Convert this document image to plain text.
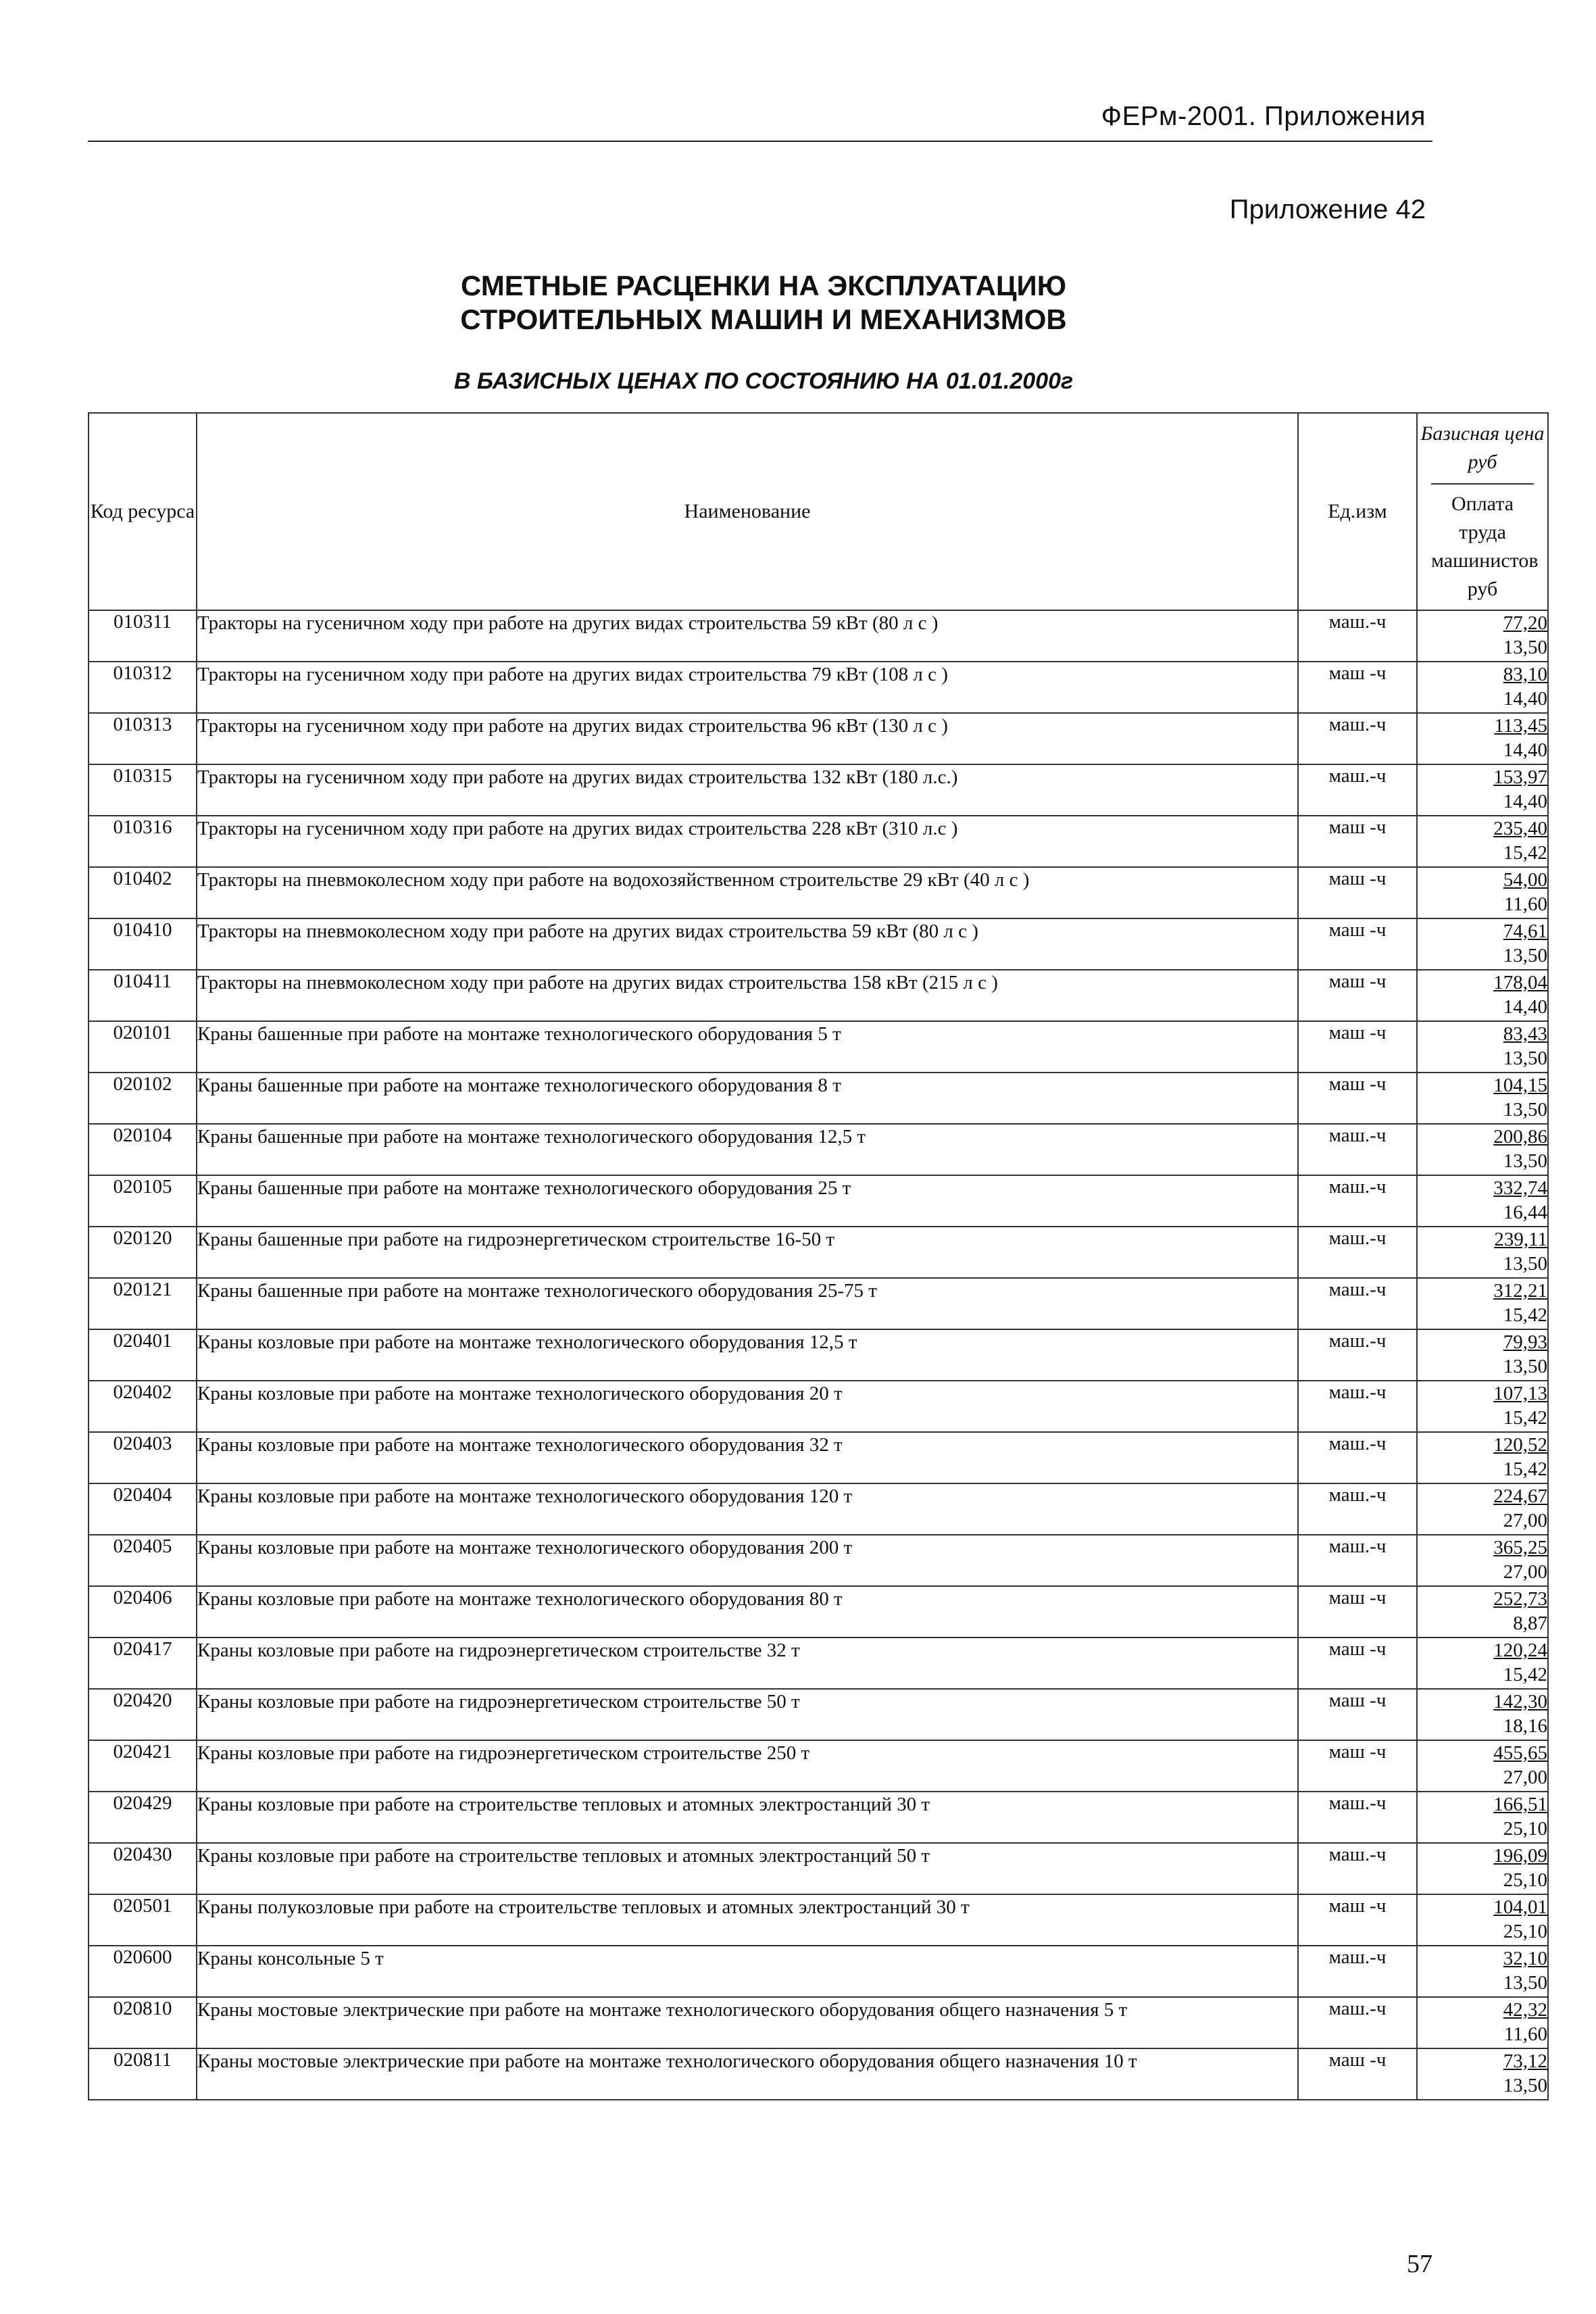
ФЕРм-2001. Приложения
Приложение 42
СМЕТНЫЕ РАСЦЕНКИ НА ЭКСПЛУАТАЦИЮ
СТРОИТЕЛЬНЫХ МАШИН И МЕХАНИЗМОВ
В БАЗИСНЫХ ЦЕНАХ ПО СОСТОЯНИЮ НА 01.01.2000г
Код ресурса	Наименование	Ед.изм	Базисная цена руб
Оплата труда машинистов руб

010311	Тракторы на гусеничном ходу при работе на других видах строительства 59 кВт (80 л с )	маш.-ч	77,20
13,50

010312	Тракторы на гусеничном ходу при работе на других видах строительства 79 кВт (108 л с )	маш -ч	83,10
14,40

010313	Тракторы на гусеничном ходу при работе на других видах строительства 96 кВт (130 л с )	маш.-ч	113,45
14,40

010315	Тракторы на гусеничном ходу при работе на других видах строительства 132 кВт (180 л.с.)	маш.-ч	153,97
14,40

010316	Тракторы на гусеничном ходу при работе на других видах строительства 228 кВт (310 л.с )	маш -ч	235,40
15,42

010402	Тракторы на пневмоколесном ходу при работе на водохозяйственном строительстве 29 кВт (40 л с )	маш -ч	54,00
11,60

010410	Тракторы на пневмоколесном ходу при работе на других видах строительства 59 кВт (80 л с )	маш -ч	74,61
13,50

010411	Тракторы на пневмоколесном ходу при работе на других видах строительства 158 кВт (215 л с )	маш -ч	178,04
14,40

020101	Краны башенные при работе на монтаже технологического оборудования 5 т	маш -ч	83,43
13,50

020102	Краны башенные при работе на монтаже технологического оборудования 8 т	маш -ч	104,15
13,50

020104	Краны башенные при работе на монтаже технологического оборудования 12,5 т	маш.-ч	200,86
13,50

020105	Краны башенные при работе на монтаже технологического оборудования 25 т	маш.-ч	332,74
16,44

020120	Краны башенные при работе на гидроэнергетическом строительстве 16-50 т	маш.-ч	239,11
13,50

020121	Краны башенные при работе на монтаже технологического оборудования 25-75 т	маш.-ч	312,21
15,42

020401	Краны козловые при работе на монтаже технологического оборудования 12,5 т	маш.-ч	79,93
13,50

020402	Краны козловые при работе на монтаже технологического оборудования 20 т	маш.-ч	107,13
15,42

020403	Краны козловые при работе на монтаже технологического оборудования 32 т	маш.-ч	120,52
15,42

020404	Краны козловые при работе на монтаже технологического оборудования 120 т	маш.-ч	224,67
27,00

020405	Краны козловые при работе на монтаже технологического оборудования 200 т	маш.-ч	365,25
27,00

020406	Краны козловые при работе на монтаже технологического оборудования 80 т	маш -ч	252,73
8,87

020417	Краны козловые при работе на гидроэнергетическом строительстве 32 т	маш -ч	120,24
15,42

020420	Краны козловые при работе на гидроэнергетическом строительстве 50 т	маш -ч	142,30
18,16

020421	Краны козловые при работе на гидроэнергетическом строительстве 250 т	маш -ч	455,65
27,00

020429	Краны козловые при работе на строительстве тепловых и атомных электростанций 30 т	маш.-ч	166,51
25,10

020430	Краны козловые при работе на строительстве тепловых и атомных электростанций 50 т	маш.-ч	196,09
25,10

020501	Краны полукозловые при работе на строительстве тепловых и атомных электростанций 30 т	маш -ч	104,01
25,10

020600	Краны консольные 5 т	маш.-ч	32,10
13,50

020810	Краны мостовые электрические при работе на монтаже технологического оборудования общего назначения 5 т	маш.-ч	42,32
11,60

020811	Краны мостовые электрические при работе на монтаже технологического оборудования общего назначения 10 т	маш -ч	73,12
13,50
57
